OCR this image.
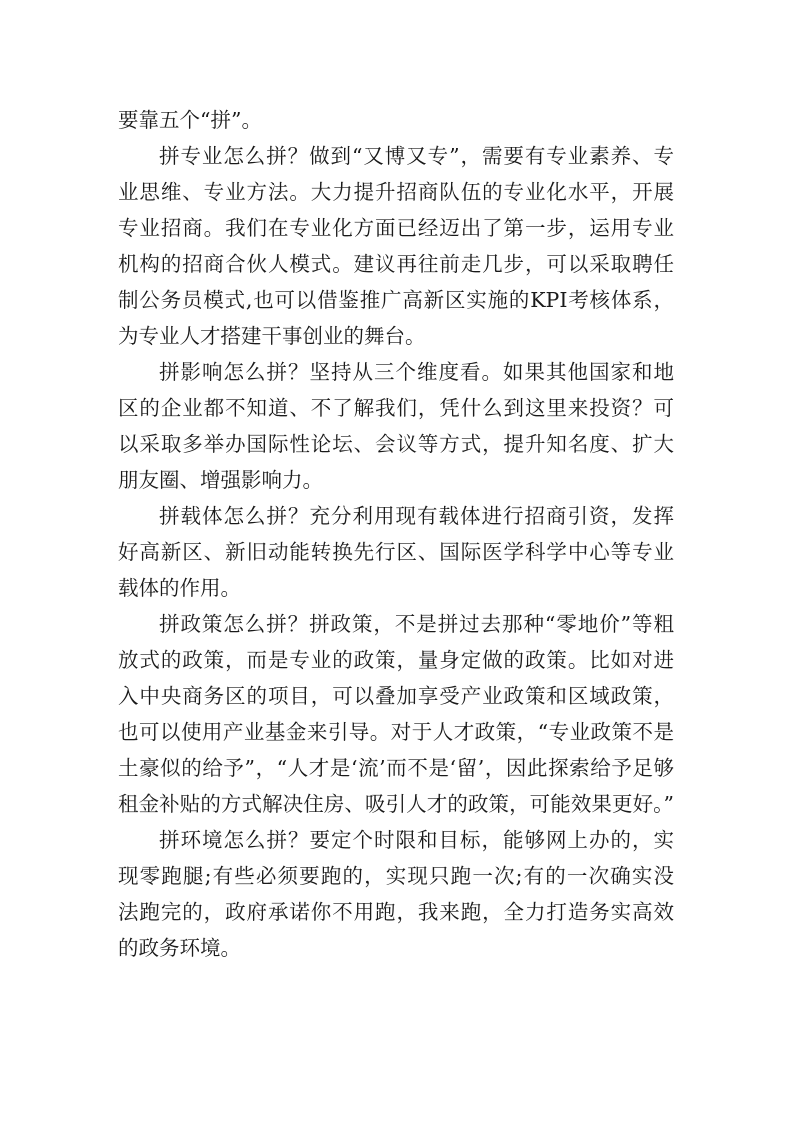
要靠五个“拼”。
拼专业怎么拼？做到“又博又专”，需要有专业素养、专
业思维、专业方法。大力提升招商队伍的专业化水平，开展
专业招商。我们在专业化方面已经迈出了第一步，运用专业
机构的招商合伙人模式。建议再往前走几步，可以采取聘任
制公务员模式,也可以借鉴推广高新区实施的KPI考核体系，
为专业人才搭建干事创业的舞台。
拼影响怎么拼？坚持从三个维度看。如果其他国家和地
区的企业都不知道、不了解我们，凭什么到这里来投资？可
以采取多举办国际性论坛、会议等方式，提升知名度、扩大
朋友圈、增强影响力。
拼载体怎么拼？充分利用现有载体进行招商引资，发挥
好高新区、新旧动能转换先行区、国际医学科学中心等专业
载体的作用。
拼政策怎么拼？拼政策，不是拼过去那种“零地价”等粗
放式的政策，而是专业的政策，量身定做的政策。比如对进
入中央商务区的项目，可以叠加享受产业政策和区域政策，
也可以使用产业基金来引导。对于人才政策，“专业政策不是
土豪似的给予”，“人才是‘流’而不是‘留’，因此探索给予足够
租金补贴的方式解决住房、吸引人才的政策，可能效果更好。”
拼环境怎么拼？要定个时限和目标，能够网上办的，实
现零跑腿;有些必须要跑的，实现只跑一次;有的一次确实没
法跑完的，政府承诺你不用跑，我来跑，全力打造务实高效
的政务环境。
